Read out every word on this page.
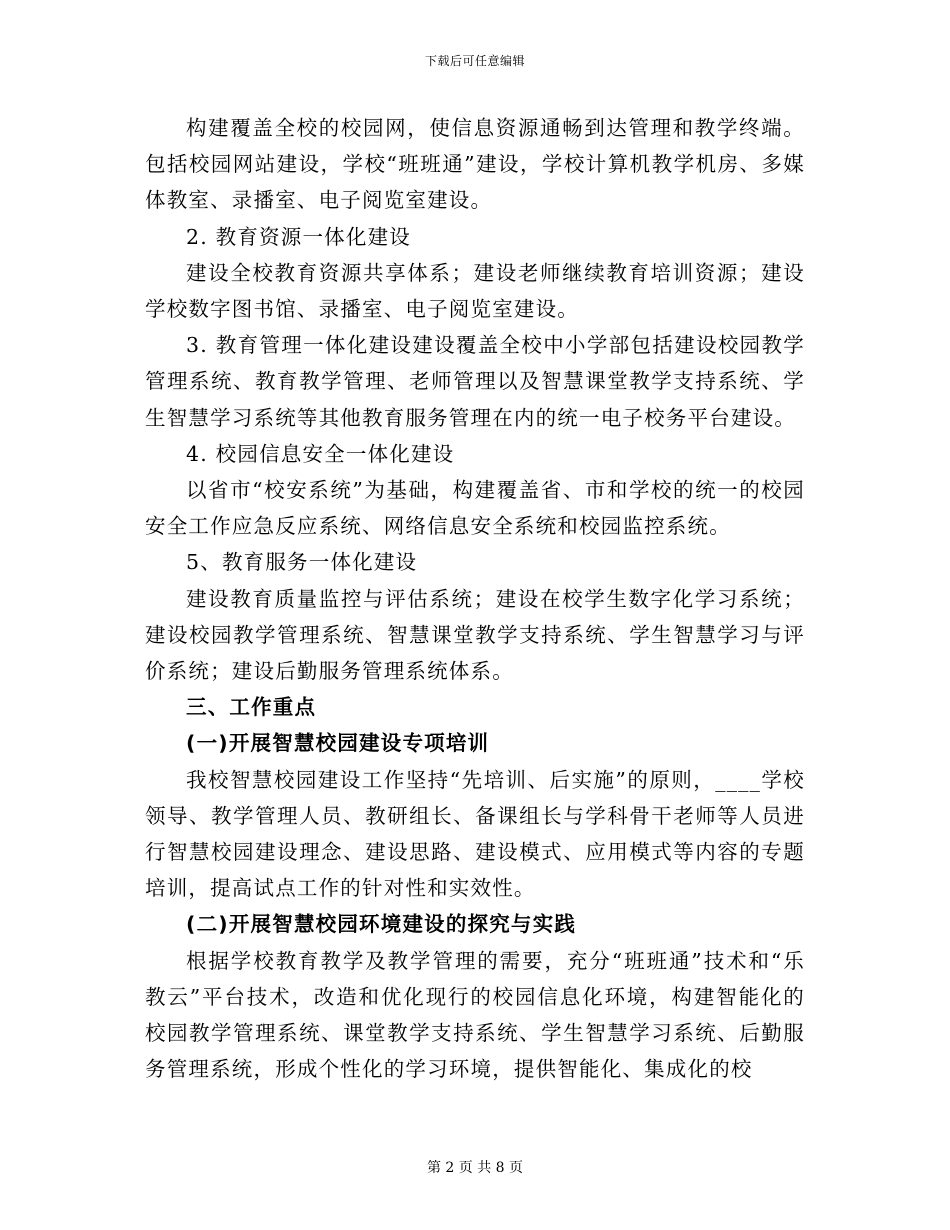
下载后可任意编辑

构建覆盖全校的校园网，使信息资源通畅到达管理和教学终端。包括校园网站建设，学校“班班通”建设，学校计算机教学机房、多媒体教室、录播室、电子阅览室建设。

2. 教育资源一体化建设

建设全校教育资源共享体系；建设老师继续教育培训资源；建设学校数字图书馆、录播室、电子阅览室建设。

3. 教育管理一体化建设建设覆盖全校中小学部包括建设校园教学管理系统、教育教学管理、老师管理以及智慧课堂教学支持系统、学生智慧学习系统等其他教育服务管理在内的统一电子校务平台建设。

4. 校园信息安全一体化建设

以省市“校安系统”为基础，构建覆盖省、市和学校的统一的校园安全工作应急反应系统、网络信息安全系统和校园监控系统。

5、教育服务一体化建设

建设教育质量监控与评估系统；建设在校学生数字化学习系统；建设校园教学管理系统、智慧课堂教学支持系统、学生智慧学习与评价系统；建设后勤服务管理系统体系。

三、工作重点

(一)开展智慧校园建设专项培训

我校智慧校园建设工作坚持“先培训、后实施”的原则，____学校领导、教学管理人员、教研组长、备课组长与学科骨干老师等人员进行智慧校园建设理念、建设思路、建设模式、应用模式等内容的专题培训，提高试点工作的针对性和实效性。

(二)开展智慧校园环境建设的探究与实践

根据学校教育教学及教学管理的需要，充分“班班通”技术和“乐教云”平台技术，改造和优化现行的校园信息化环境，构建智能化的校园教学管理系统、课堂教学支持系统、学生智慧学习系统、后勤服务管理系统，形成个性化的学习环境，提供智能化、集成化的校

第 2 页 共 8 页
